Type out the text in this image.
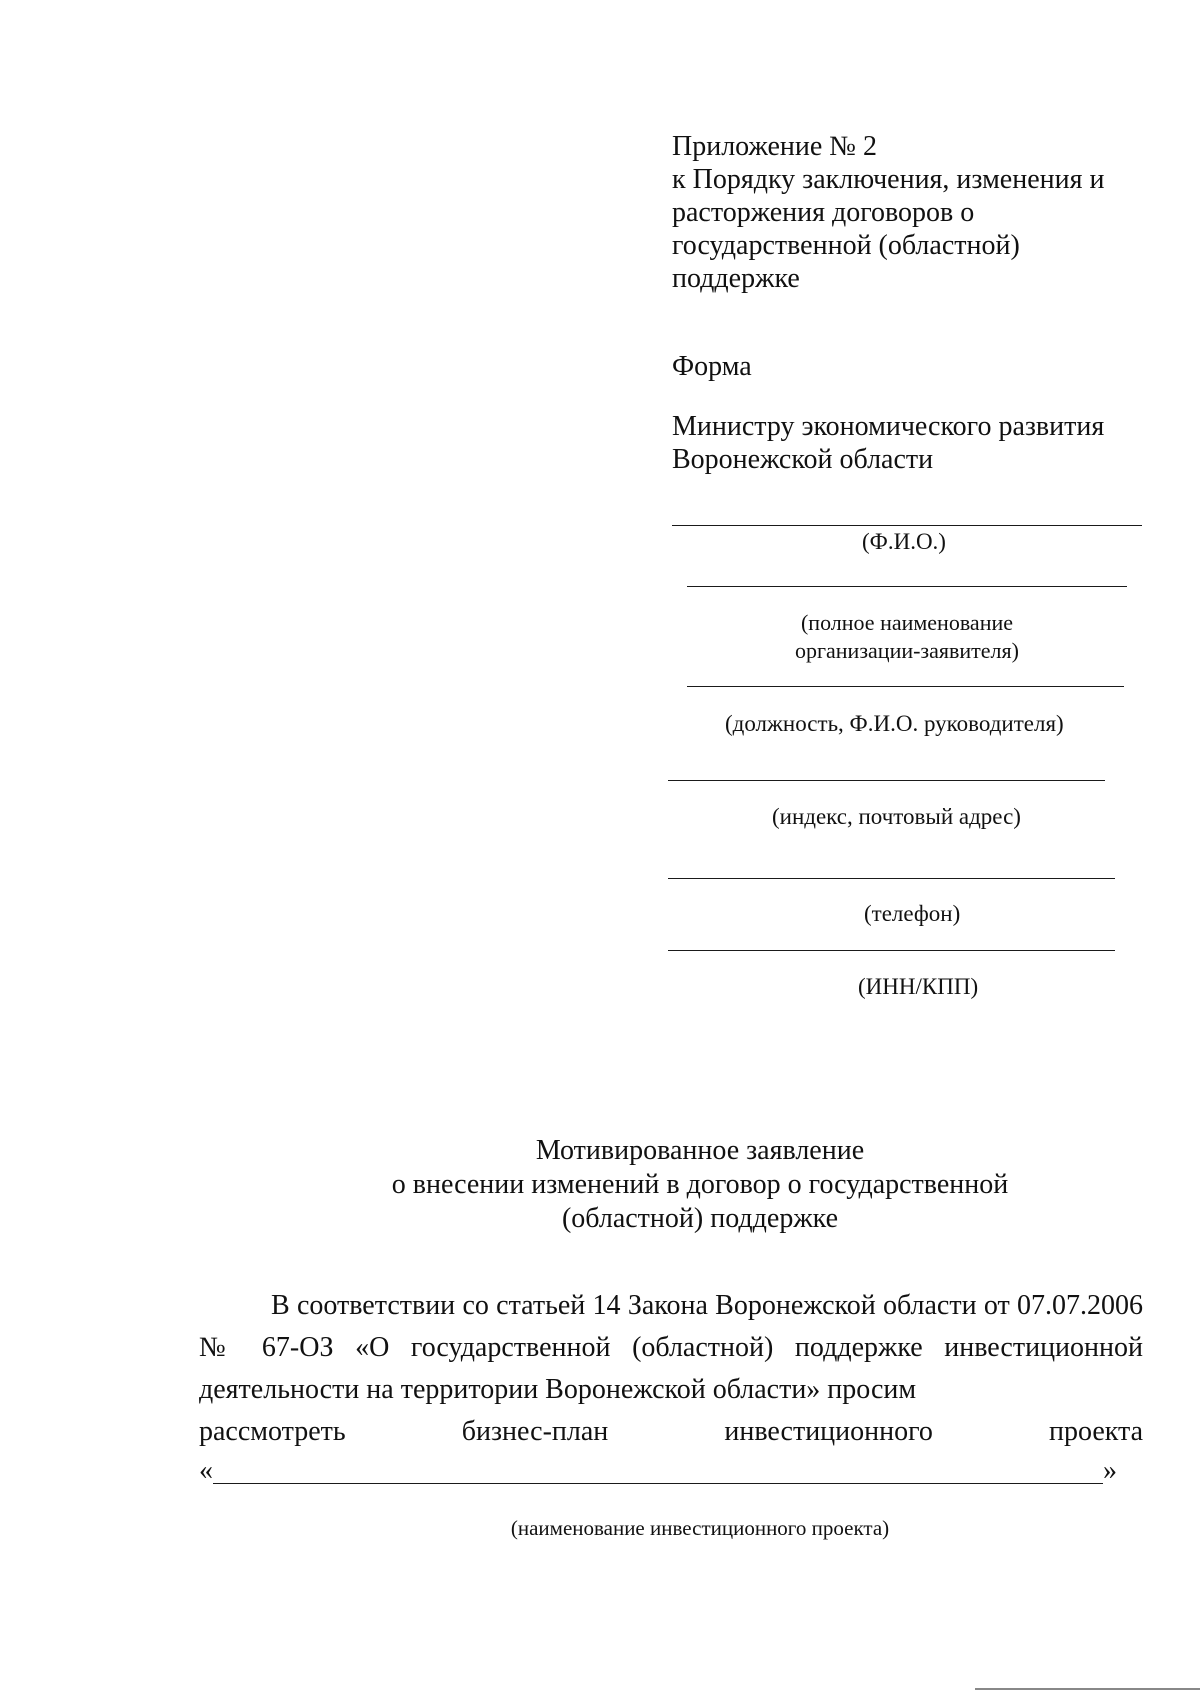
Приложение № 2
к Порядку заключения, изменения и
расторжения договоров о
государственной (областной)
поддержке
Форма
Министру экономического развития
Воронежской области
(Ф.И.О.)
(полное наименование
организации-заявителя)
(должность, Ф.И.О. руководителя)
(индекс, почтовый адрес)
(телефон)
(ИНН/КПП)
Мотивированное заявление
о внесении изменений в договор о государственной
(областной) поддержке
В соответствии со статьей 14 Закона Воронежской области от 07.07.2006 № 67-ОЗ «О государственной (областной) поддержке инвестиционной деятельности на территории Воронежской области» просим
рассмотреть	бизнес-план	инвестиционного	проекта
«	»
(наименование инвестиционного проекта)
